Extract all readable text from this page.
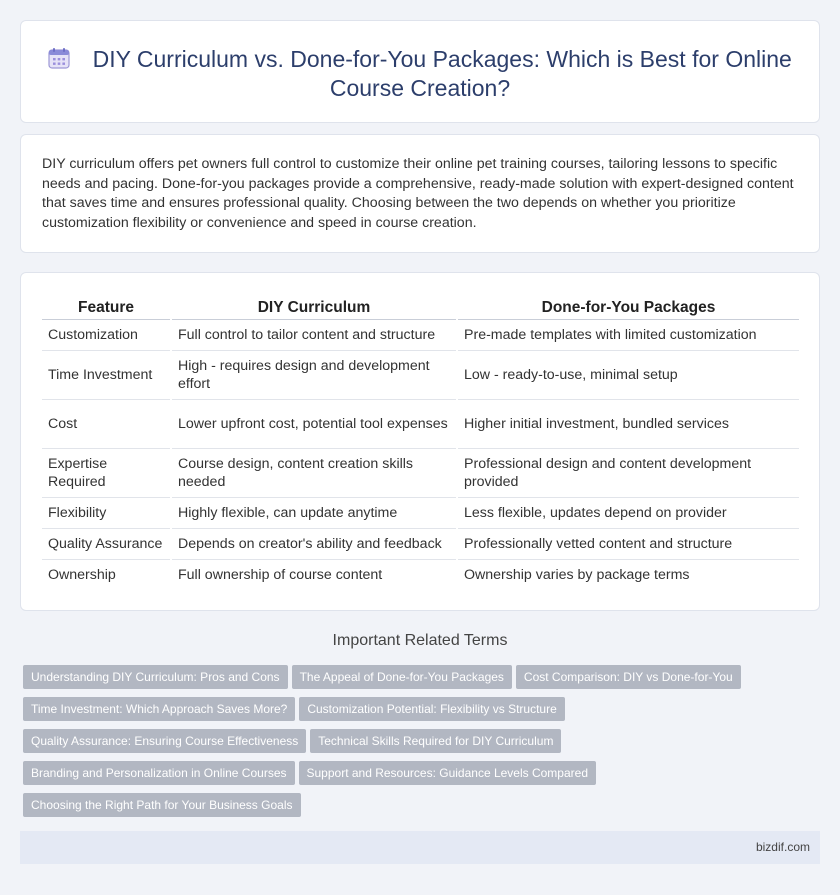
DIY Curriculum vs. Done-for-You Packages: Which is Best for Online Course Creation?

DIY curriculum offers pet owners full control to customize their online pet training courses, tailoring lessons to specific needs and pacing. Done-for-you packages provide a comprehensive, ready-made solution with expert-designed content that saves time and ensures professional quality. Choosing between the two depends on whether you prioritize customization flexibility or convenience and speed in course creation.

Feature	DIY Curriculum	Done-for-You Packages
Customization	Full control to tailor content and structure	Pre-made templates with limited customization
Time Investment	High - requires design and development effort	Low - ready-to-use, minimal setup
Cost	Lower upfront cost, potential tool expenses	Higher initial investment, bundled services
Expertise Required	Course design, content creation skills needed	Professional design and content development provided
Flexibility	Highly flexible, can update anytime	Less flexible, updates depend on provider
Quality Assurance	Depends on creator's ability and feedback	Professionally vetted content and structure
Ownership	Full ownership of course content	Ownership varies by package terms
Important Related Terms
Understanding DIY Curriculum: Pros and Cons The Appeal of Done-for-You Packages Cost Comparison: DIY vs Done-for-You
Time Investment: Which Approach Saves More? Customization Potential: Flexibility vs Structure
Quality Assurance: Ensuring Course Effectiveness Technical Skills Required for DIY Curriculum
Branding and Personalization in Online Courses Support and Resources: Guidance Levels Compared
Choosing the Right Path for Your Business Goals
bizdif.com
